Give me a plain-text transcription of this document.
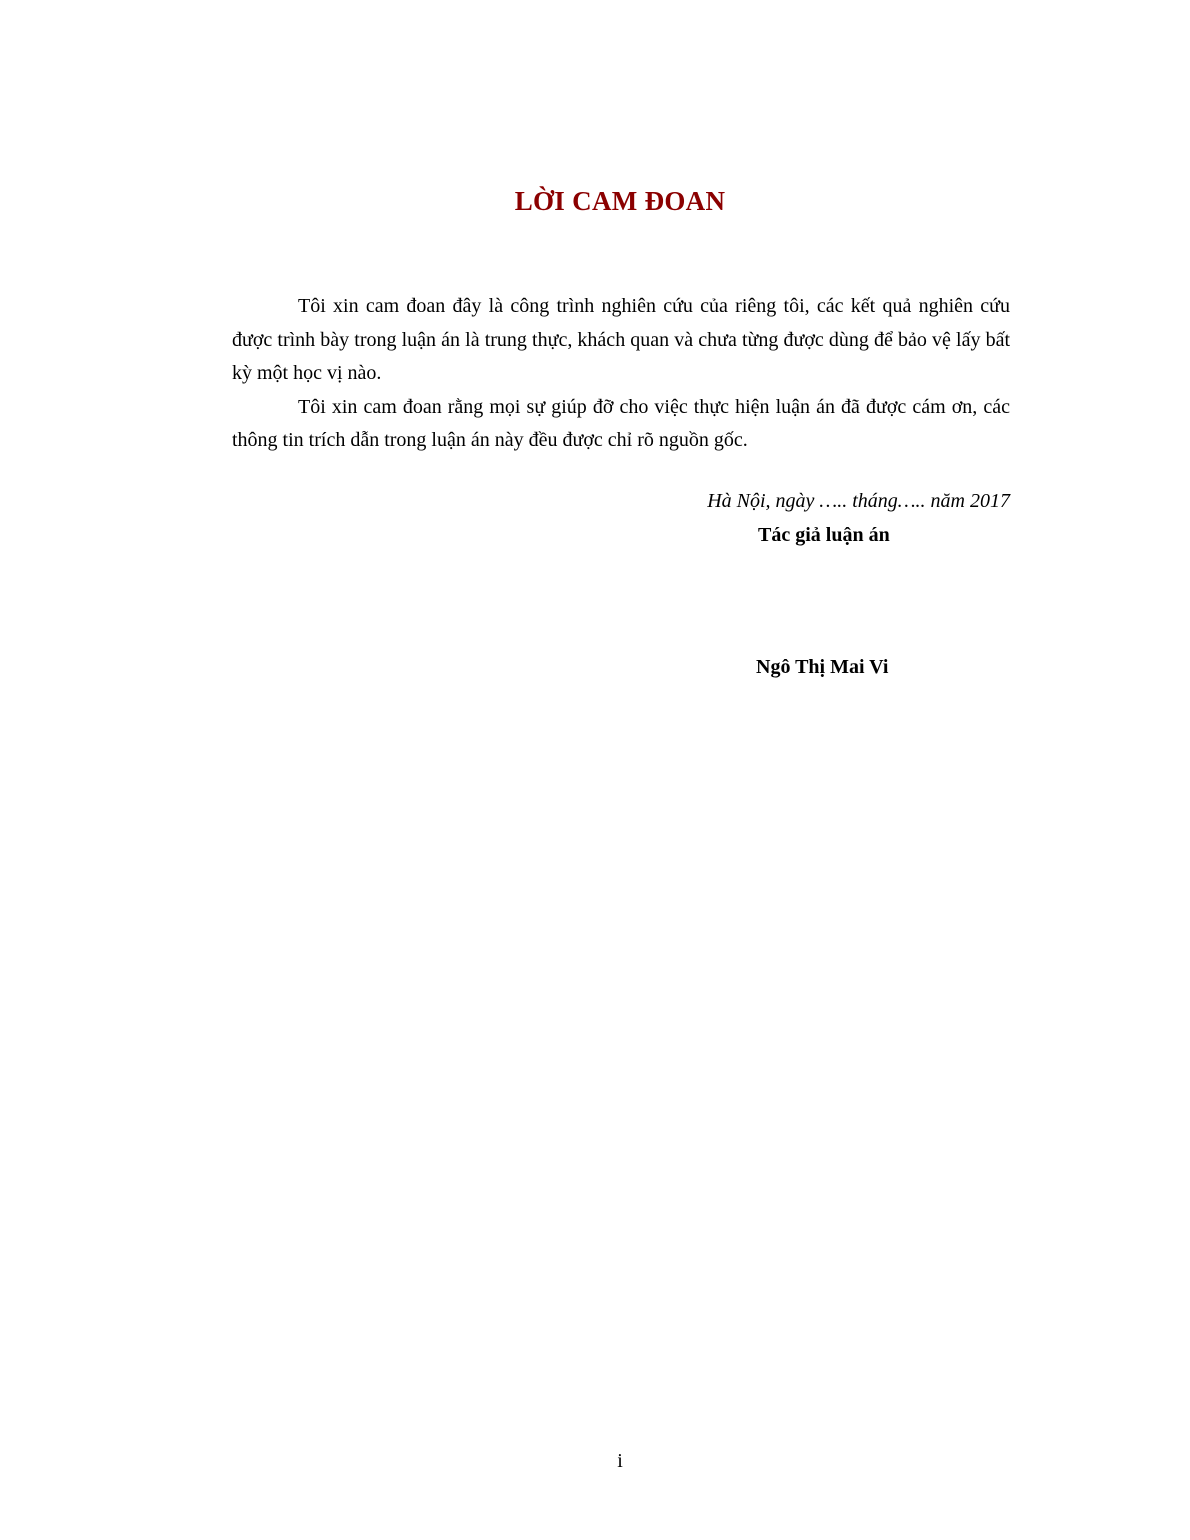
LỜI CAM ĐOAN

Tôi xin cam đoan đây là công trình nghiên cứu của riêng tôi, các kết quả nghiên cứu được trình bày trong luận án là trung thực, khách quan và chưa từng được dùng để bảo vệ lấy bất kỳ một học vị nào.

Tôi xin cam đoan rằng mọi sự giúp đỡ cho việc thực hiện luận án đã được cám ơn, các thông tin trích dẫn trong luận án này đều được chỉ rõ nguồn gốc.

Hà Nội, ngày ….. tháng….. năm 2017
Tác giả luận án
Ngô Thị Mai Vi
i
